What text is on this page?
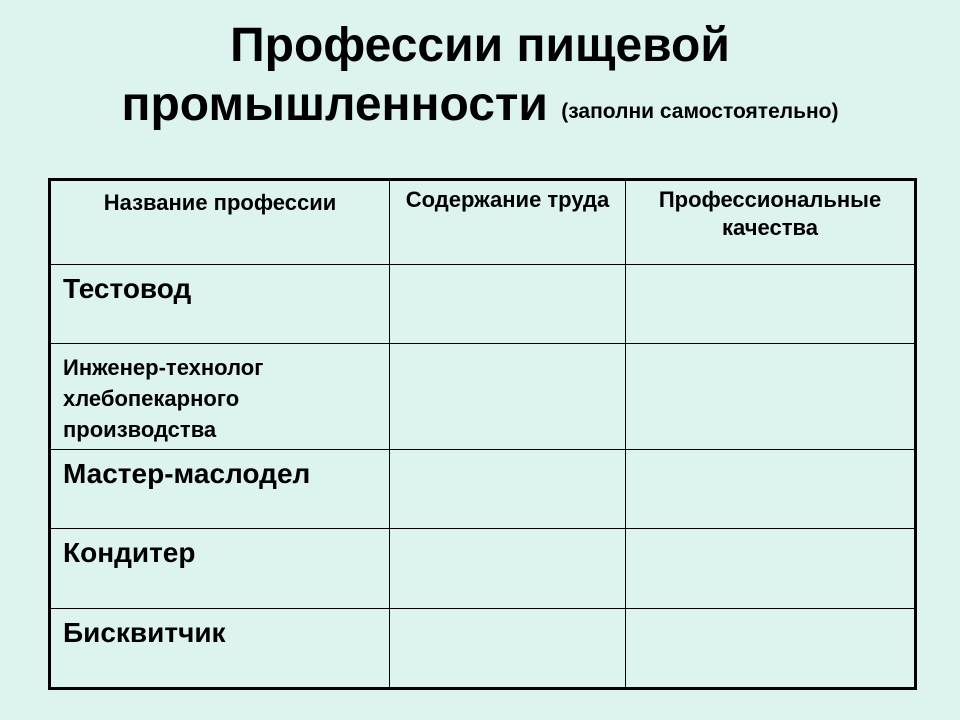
Профессии пищевой
промышленности (заполни самостоятельно)
Название профессии	Содержание труда	Профессиональные качества
Тестовод		
Инженер-технолог хлебопекарного производства		
Мастер-маслодел		
Кондитер		
Бисквитчик		
